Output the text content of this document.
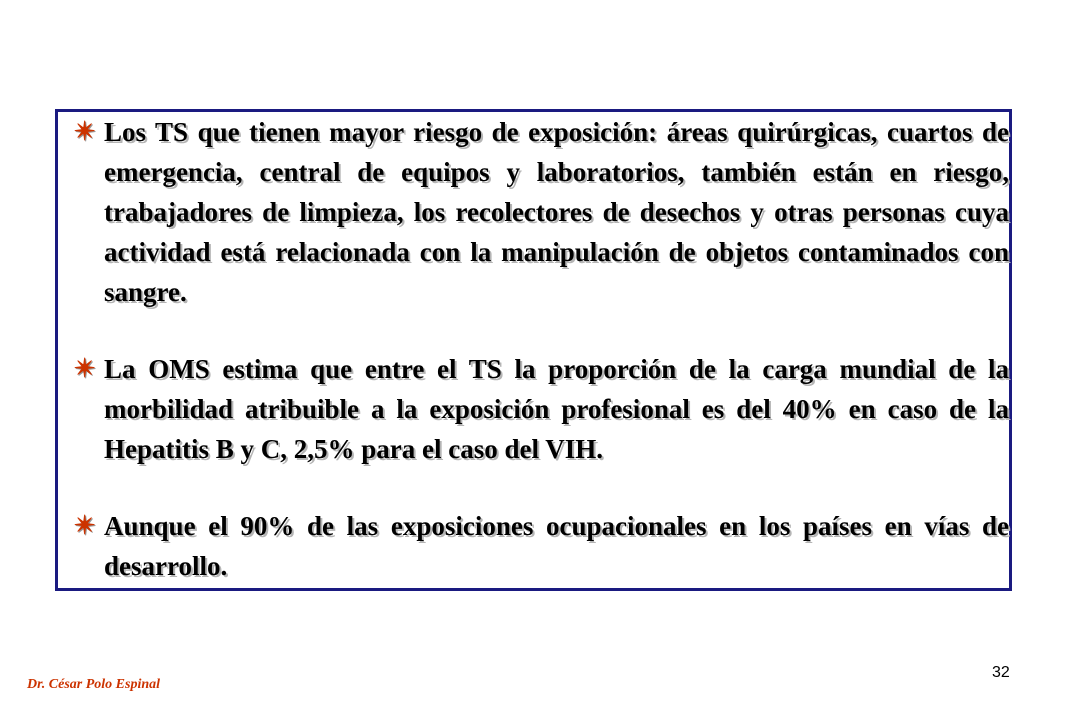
✴ Los TS que tienen mayor riesgo de exposición: áreas quirúrgicas, cuartos de emergencia, central de equipos y laboratorios, también están en riesgo, trabajadores de limpieza, los recolectores de desechos y otras personas cuya actividad está relacionada con la manipulación de objetos contaminados con sangre.
✴ La OMS estima que entre el TS la proporción de la carga mundial de la morbilidad atribuible a la exposición profesional es del 40% en caso de la Hepatitis B y C, 2,5% para el caso del VIH.
✴ Aunque el 90% de las exposiciones ocupacionales en los países en vías de desarrollo.
Dr. César Polo Espinal
32
